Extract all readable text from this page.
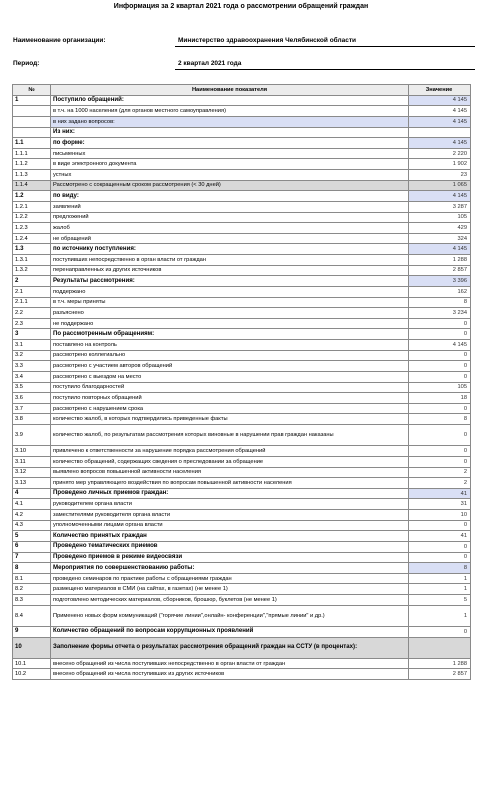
Информация за 2 квартал 2021 года о рассмотрении обращений граждан
Наименование организации:	Министерство здравоохранения Челябинской области
Период:	2 квартал 2021 года
№	Наименование показателя	Значение
1	Поступило обращений:	4 145
	в т.ч. на 1000 населения (для органов местного самоуправления)	4 145
	в них задано вопросов:	4 145
	Из них:	
1.1	по форме:	4 145
1.1.1	письменных	2 220
1.1.2	в виде электронного документа	1 902
1.1.3	устных	23
1.1.4	Рассмотрено с сокращенным сроком рассмотрения (< 30 дней)	1 065
1.2	по виду:	4 145
1.2.1	заявлений	3 287
1.2.2	предложений	105
1.2.3	жалоб	429
1.2.4	не обращений	324
1.3	по источнику поступления:	4 145
1.3.1	поступивших непосредственно в орган власти от граждан	1 288
1.3.2	перенаправленных из других источников	2 857
2	Результаты рассмотрения:	3 396
2.1	поддержано	162
2.1.1	в т.ч. меры приняты	8
2.2	разъяснено	3 234
2.3	не поддержано	0
3	По рассмотренным обращениям:	0
3.1	поставлено на контроль	4 145
3.2	рассмотрено коллегиально	0
3.3	рассмотрено с участием авторов обращений	0
3.4	рассмотрено с выездом на место	0
3.5	поступило благодарностей	105
3.6	поступило повторных обращений	18
3.7	рассмотрено с нарушением срока	0
3.8	количество жалоб, в которых подтвердились приведенные факты	8
3.9	количество жалоб, по результатам рассмотрения которых виновные в нарушении прав граждан наказаны	0
3.10	привлечено к ответственности за нарушение порядка рассмотрения обращений	0
3.11	количество обращений, содержащих сведения о преследовании за обращение	0
3.12	выявлено вопросов повышенной активности населения	2
3.13	принято мер управляющего воздействия по вопросам повышенной активности населения	2
4	Проведено личных приемов граждан:	41
4.1	руководителем органа власти	31
4.2	заместителями руководителя органа власти	10
4.3	уполномоченными лицами органа власти	0
5	Количество принятых граждан	41
6	Проведено тематических приемов	0
7	Проведено приемов в режиме видеосвязи	0
8	Мероприятия по совершенствованию работы:	8
8.1	проведено семинаров по практике работы с обращениями граждан	1
8.2	размещено материалов в СМИ (на сайтах, в газетах) (не менее 1)	1
8.3	подготовлено методических материалов, сборников, брошюр, буклетов (не менее 1)	5
8.4	Применено новых форм коммуникаций ("горячие линии",онлайн- конференции","прямые линии" и др.)	1
9	Количество обращений по вопросам коррупционных проявлений	0
10	Заполнение формы отчета о результатах рассмотрения обращений граждан на ССТУ (в процентах):	
10.1	внесено обращений из числа поступивших непосредственно в орган власти от граждан	1 288
10.2	внесено обращений из числа поступивших из других источников	2 857
